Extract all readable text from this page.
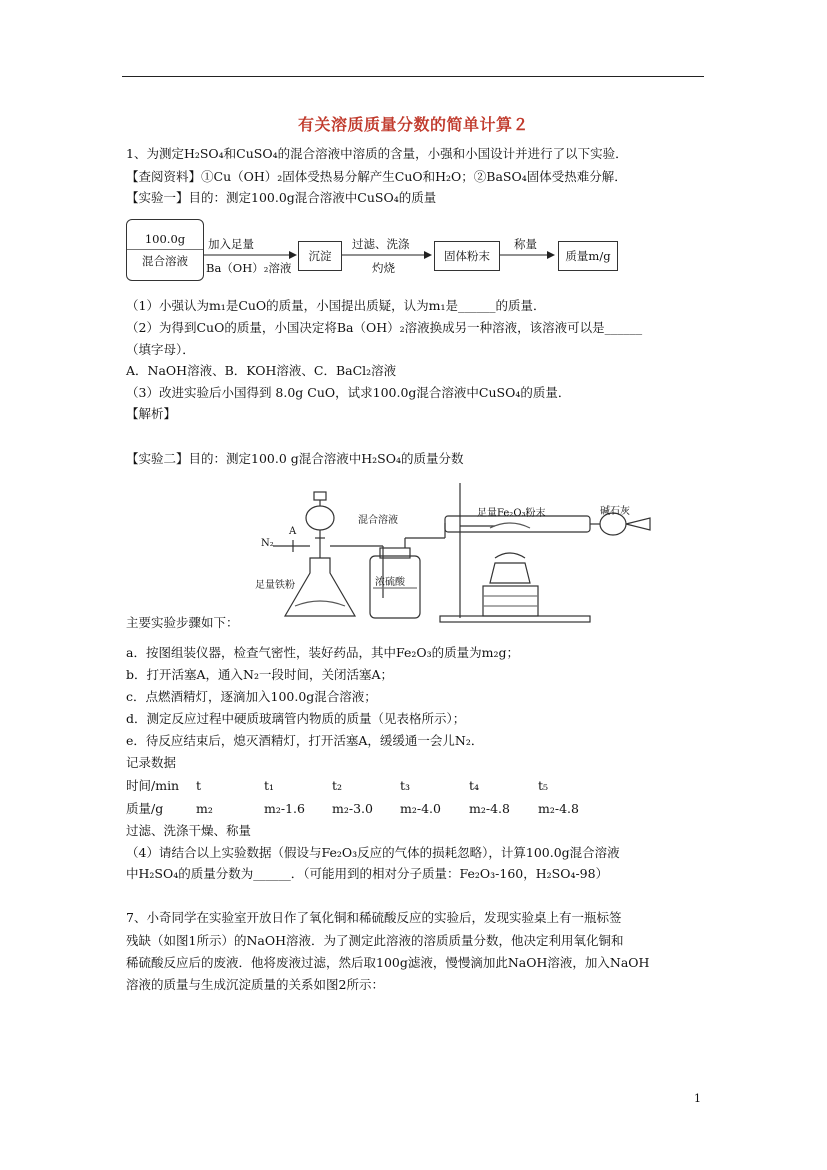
有关溶质质量分数的简单计算２
1、为测定H₂SO₄和CuSO₄的混合溶液中溶质的含量，小强和小国设计并进行了以下实验．
【查阅资料】①Cu（OH）₂固体受热易分解产生CuO和H₂O；②BaSO₄固体受热难分解．
【实验一】目的：测定100.0g混合溶液中CuSO₄的质量
100.0g
混合溶液
加入足量
Ba（OH）₂溶液
沉淀
过滤、洗涤
灼烧
固体粉末
称量
质量m/g
（1）小强认为m₁是CuO的质量，小国提出质疑，认为m₁是______的质量．
（2）为得到CuO的质量，小国决定将Ba（OH）₂溶液换成另一种溶液，该溶液可以是______
（填字母）．
A．NaOH溶液、B．KOH溶液、C．BaCl₂溶液
（3）改进实验后小国得到 8.0g CuO，试求100.0g混合溶液中CuSO₄的质量．
【解析】
【实验二】目的：测定100.0 g混合溶液中H₂SO₄的质量分数
混合溶液
足量Fe₂O₃粉末	碱石灰
N₂
A
足量铁粉	浓硫酸
主要实验步骤如下：
a．按图组装仪器，检查气密性，装好药品，其中Fe₂O₃的质量为m₂g；
b．打开活塞A，通入N₂一段时间，关闭活塞A；
c．点燃酒精灯，逐滴加入100.0g混合溶液；
d．测定反应过程中硬质玻璃管内物质的质量（见表格所示）；
e．待反应结束后，熄灭酒精灯，打开活塞A，缓缓通一会儿N₂．
记录数据
时间/min t	t₁	t₂	t₃	t₄	t₅
质量/g	m₂	m₂-1.6 m₂-3.0 m₂-4.0 m₂-4.8 m₂-4.8
过滤、洗涤干燥、称量
（4）请结合以上实验数据（假设与Fe₂O₃反应的气体的损耗忽略），计算100.0g混合溶液
中H₂SO₄的质量分数为______．（可能用到的相对分子质量：Fe₂O₃-160，H₂SO₄-98）
7、小奇同学在实验室开放日作了氧化铜和稀硫酸反应的实验后，发现实验桌上有一瓶标签
残缺（如图1所示）的NaOH溶液．为了测定此溶液的溶质质量分数，他决定利用氧化铜和
稀硫酸反应后的废液．他将废液过滤，然后取100g滤液，慢慢滴加此NaOH溶液，加入NaOH
溶液的质量与生成沉淀质量的关系如图2所示：
1
